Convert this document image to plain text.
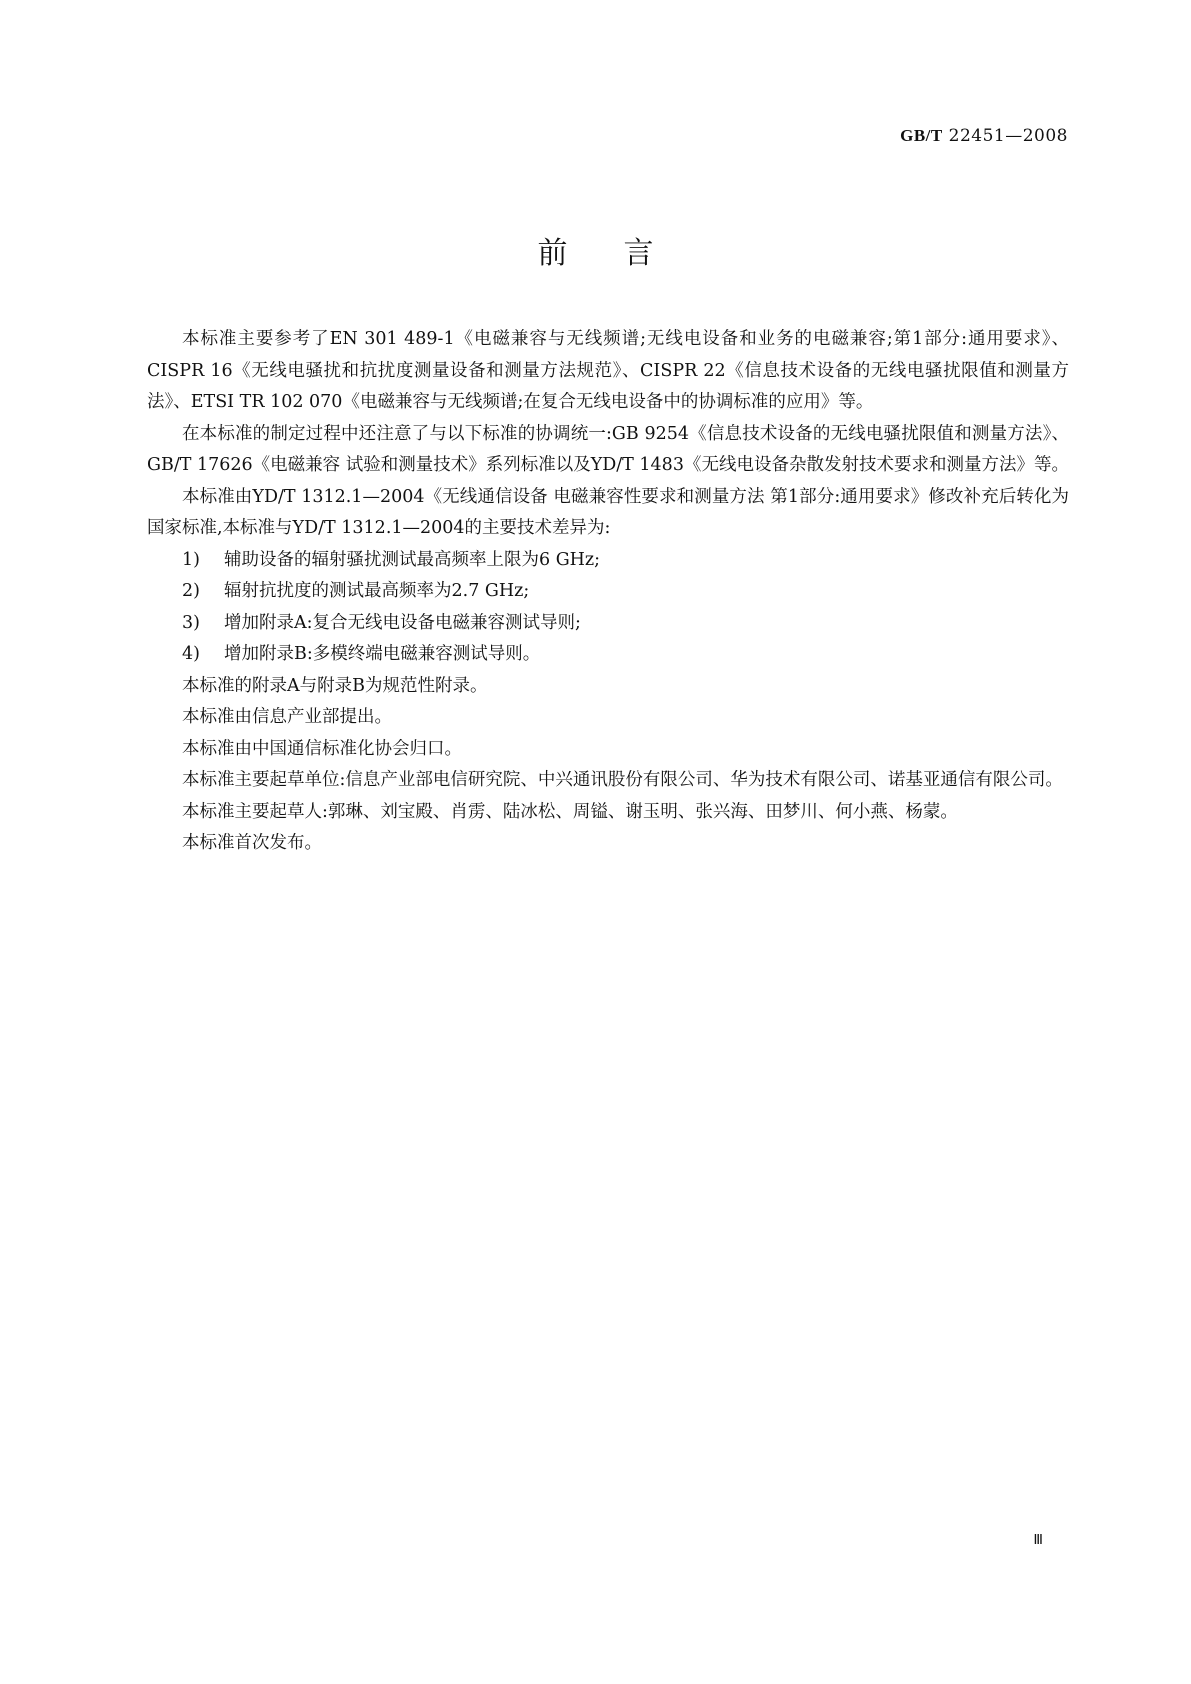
GB/T 22451—2008
前言

本标准主要参考了EN 301 489-1《电磁兼容与无线频谱;无线电设备和业务的电磁兼容;第1部分:通用要求》、CISPR 16《无线电骚扰和抗扰度测量设备和测量方法规范》、CISPR 22《信息技术设备的无线电骚扰限值和测量方法》、ETSI TR 102 070《电磁兼容与无线频谱;在复合无线电设备中的协调标准的应用》等。

在本标准的制定过程中还注意了与以下标准的协调统一:GB 9254《信息技术设备的无线电骚扰限值和测量方法》、GB/T 17626《电磁兼容 试验和测量技术》系列标准以及YD/T 1483《无线电设备杂散发射技术要求和测量方法》等。

本标准由YD/T 1312.1—2004《无线通信设备 电磁兼容性要求和测量方法 第1部分:通用要求》修改补充后转化为国家标准,本标准与YD/T 1312.1—2004的主要技术差异为:

1) 辅助设备的辐射骚扰测试最高频率上限为6 GHz;

2) 辐射抗扰度的测试最高频率为2.7 GHz;

3) 增加附录A:复合无线电设备电磁兼容测试导则;

4) 增加附录B:多模终端电磁兼容测试导则。

本标准的附录A与附录B为规范性附录。

本标准由信息产业部提出。

本标准由中国通信标准化协会归口。

本标准主要起草单位:信息产业部电信研究院、中兴通讯股份有限公司、华为技术有限公司、诺基亚通信有限公司。

本标准主要起草人:郭琳、刘宝殿、肖雳、陆冰松、周镒、谢玉明、张兴海、田梦川、何小燕、杨蒙。

本标准首次发布。

Ⅲ
